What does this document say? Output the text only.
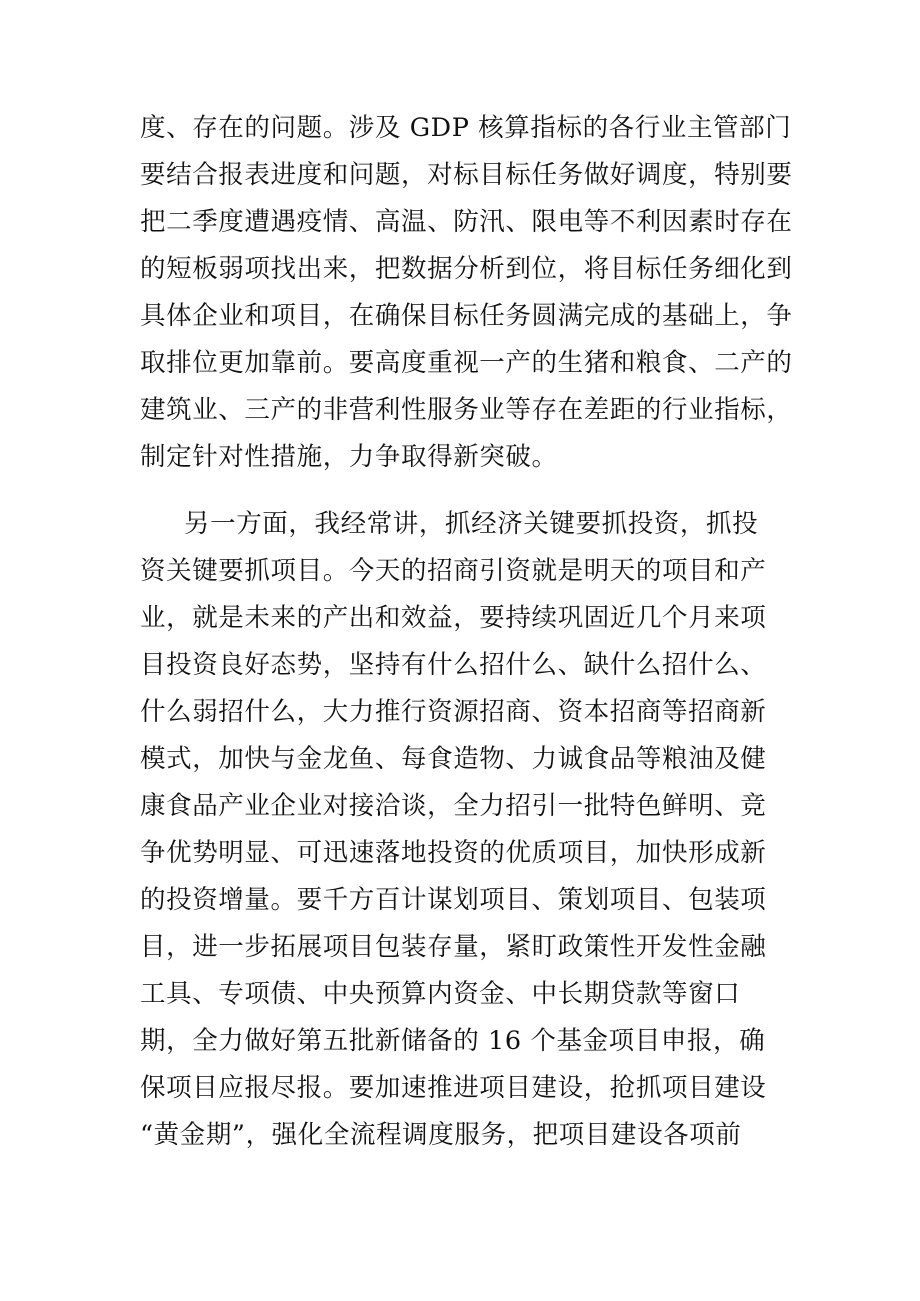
度、存在的问题。涉及 GDP 核算指标的各行业主管部门
要结合报表进度和问题，对标目标任务做好调度，特别要
把二季度遭遇疫情、高温、防汛、限电等不利因素时存在
的短板弱项找出来，把数据分析到位，将目标任务细化到
具体企业和项目，在确保目标任务圆满完成的基础上，争
取排位更加靠前。要高度重视一产的生猪和粮食、二产的
建筑业、三产的非营利性服务业等存在差距的行业指标，
制定针对性措施，力争取得新突破。
另一方面，我经常讲，抓经济关键要抓投资，抓投
资关键要抓项目。今天的招商引资就是明天的项目和产
业，就是未来的产出和效益，要持续巩固近几个月来项
目投资良好态势，坚持有什么招什么、缺什么招什么、
什么弱招什么，大力推行资源招商、资本招商等招商新
模式，加快与金龙鱼、每食造物、力诚食品等粮油及健
康食品产业企业对接洽谈，全力招引一批特色鲜明、竞
争优势明显、可迅速落地投资的优质项目，加快形成新
的投资增量。要千方百计谋划项目、策划项目、包装项
目，进一步拓展项目包装存量，紧盯政策性开发性金融
工具、专项债、中央预算内资金、中长期贷款等窗口
期，全力做好第五批新储备的 16 个基金项目申报，确
保项目应报尽报。要加速推进项目建设，抢抓项目建设
“黄金期”，强化全流程调度服务，把项目建设各项前
